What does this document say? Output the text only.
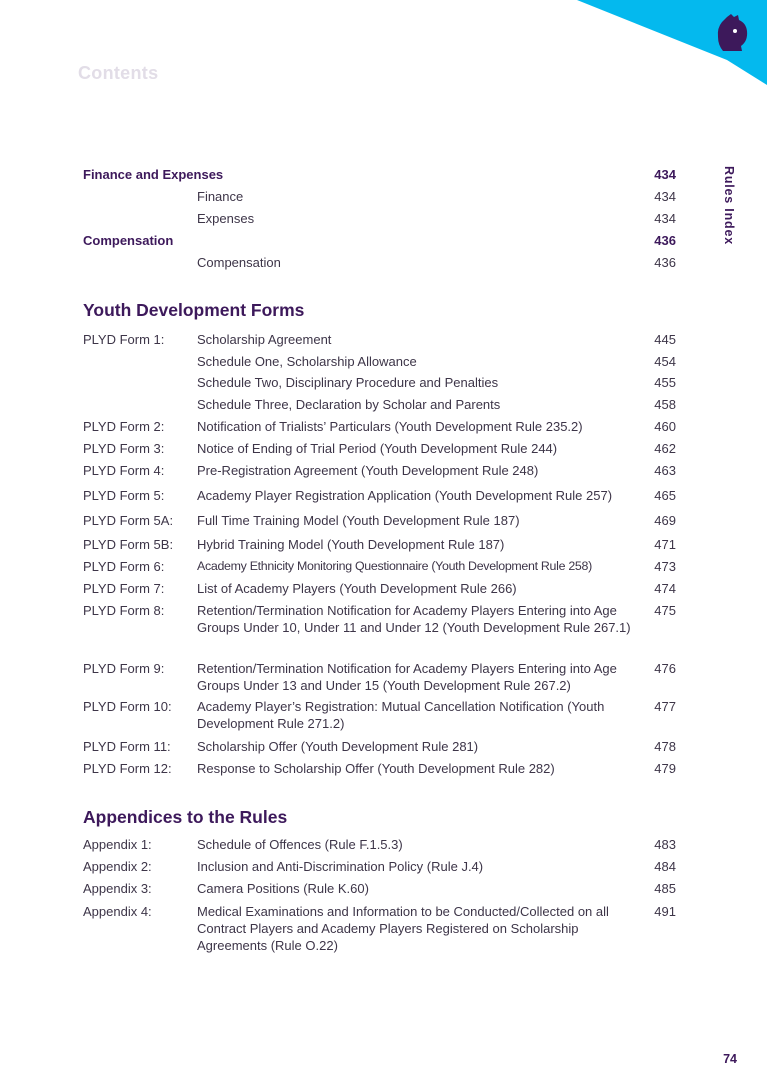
Contents
Rules Index
Finance and Expenses	434
Finance	434
Expenses	434
Compensation	436
Compensation	436
Youth Development Forms
PLYD Form 1:	Scholarship Agreement	445
Schedule One, Scholarship Allowance	454
Schedule Two, Disciplinary Procedure and Penalties	455
Schedule Three, Declaration by Scholar and Parents	458
PLYD Form 2:	Notification of Trialists’ Particulars (Youth Development Rule 235.2)	460
PLYD Form 3:	Notice of Ending of Trial Period (Youth Development Rule 244)	462
PLYD Form 4:	Pre-Registration Agreement (Youth Development Rule 248)	463
PLYD Form 5:	Academy Player Registration Application (Youth Development Rule 257)	465
PLYD Form 5A: Full Time Training Model (Youth Development Rule 187)	469
PLYD Form 5B: Hybrid Training Model (Youth Development Rule 187)	471
PLYD Form 6:	Academy Ethnicity Monitoring Questionnaire (Youth Development Rule 258)	473
PLYD Form 7:	List of Academy Players (Youth Development Rule 266)	474
PLYD Form 8:	Retention/Termination Notification for Academy Players Entering into Age Groups Under 10, Under 11 and Under 12 (Youth Development Rule 267.1)
475
PLYD Form 9:	Retention/Termination Notification for Academy Players Entering into Age Groups Under 13 and Under 15 (Youth Development Rule 267.2)
476
PLYD Form 10: Academy Player’s Registration: Mutual Cancellation Notification (Youth Development Rule 271.2)
477
PLYD Form 11: Scholarship Offer (Youth Development Rule 281)	478
PLYD Form 12: Response to Scholarship Offer (Youth Development Rule 282)	479
Appendices to the Rules
Appendix 1:	Schedule of Offences (Rule F.1.5.3)	483
Appendix 2:	Inclusion and Anti-Discrimination Policy (Rule J.4)	484
Appendix 3:	Camera Positions (Rule K.60)	485
Appendix 4:	Medical Examinations and Information to be Conducted/Collected on all Contract Players and Academy Players Registered on Scholarship Agreements (Rule O.22)
491
74
